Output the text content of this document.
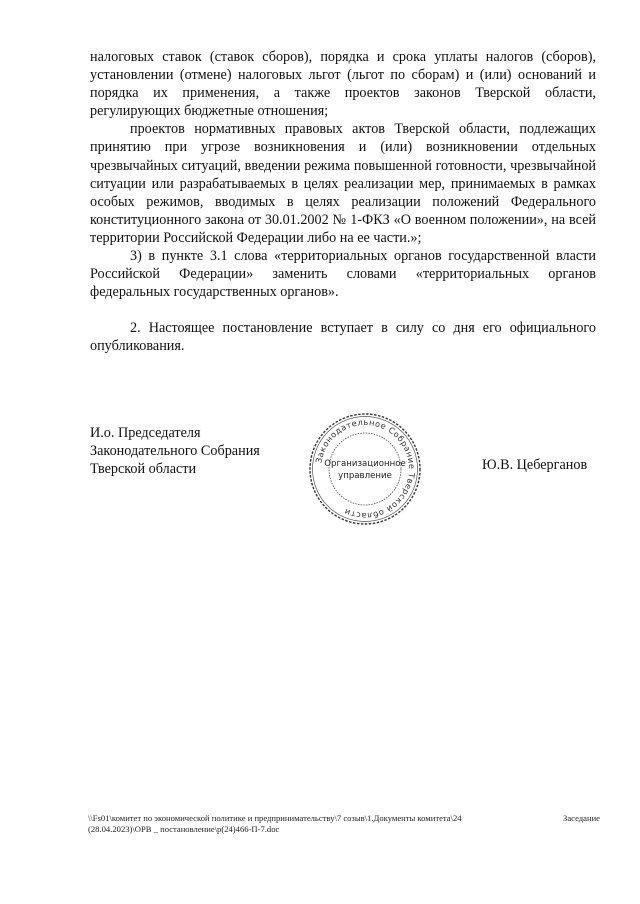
налоговых ставок (ставок сборов), порядка и срока уплаты налогов (сборов), установлении (отмене) налоговых льгот (льгот по сборам) и (или) оснований и порядка их применения, а также проектов законов Тверской области, регулирующих бюджетные отношения;

проектов нормативных правовых актов Тверской области, подлежащих принятию при угрозе возникновения и (или) возникновении отдельных чрезвычайных ситуаций, введении режима повышенной готовности, чрезвычайной ситуации или разрабатываемых в целях реализации мер, принимаемых в рамках особых режимов, вводимых в целях реализации положений Федерального конституционного закона от 30.01.2002 № 1-ФКЗ «О военном положении», на всей территории Российской Федерации либо на ее части.»;

3) в пункте 3.1 слова «территориальных органов государственной власти Российской Федерации» заменить словами «территориальных органов федеральных государственных органов».

2. Настоящее постановление вступает в силу со дня его официального опубликования.

И.о. Председателя
Законодательного Собрания
Тверской области
Законодательное Собрание Тверской области
Организационное
управление
Ю.В. Цеберганов
\\Fs01\комитет по экономической политике и предпринимательству\7 созыв\1.Документы комитета\24	Заседание
(28.04.2023)\ОРВ _ постановление\р(24)466-П-7.doc
